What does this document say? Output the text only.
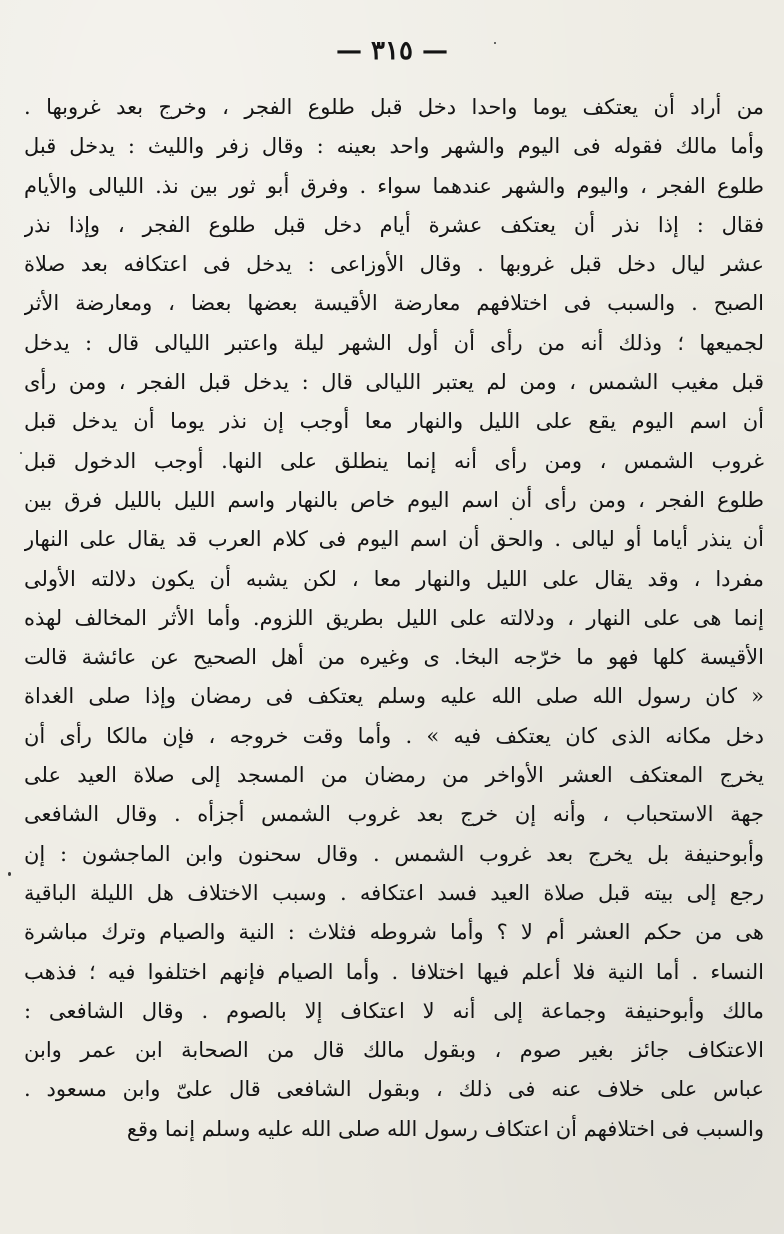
— ٣١٥ —
من أراد أن يعتكف يوما واحدا دخل قبل طلوع الفجر ، وخرج بعد غروبها .
وأما مالك فقوله فى اليوم والشهر واحد بعينه : وقال زفر والليث : يدخل قبل
طلوع الفجر ، واليوم والشهر عندهما سواء . وفرق أبو ثور بين نذ. الليالى والأيام
فقال : إذا نذر أن يعتكف عشرة أيام دخل قبل طلوع الفجر ، وإذا نذر
عشر ليال دخل قبل غروبها . وقال الأوزاعى : يدخل فى اعتكافه بعد صلاة
الصبح . والسبب فى اختلافهم معارضة الأقيسة بعضها بعضا ، ومعارضة الأثر
لجميعها ؛ وذلك أنه من رأى أن أول الشهر ليلة واعتبر الليالى قال : يدخل
قبل مغيب الشمس ، ومن لم يعتبر الليالى قال : يدخل قبل الفجر ، ومن رأى
أن اسم اليوم يقع على الليل والنهار معا أوجب إن نذر يوما أن يدخل قبل
غروب الشمس ، ومن رأى أنه إنما ينطلق على النها. أوجب الدخول قبل
طلوع الفجر ، ومن رأى أن اسم اليوم خاص بالنهار واسم الليل بالليل فرق بين
أن ينذر أياما أو ليالى . والحق أن اسم اليوم فى كلام العرب قد يقال على النهار
مفردا ، وقد يقال على الليل والنهار معا ، لكن يشبه أن يكون دلالته الأولى
إنما هى على النهار ، ودلالته على الليل بطريق اللزوم. وأما الأثر المخالف لهذه
الأقيسة كلها فهو ما خرّجه البخا. ى وغيره من أهل الصحيح عن عائشة قالت
« كان رسول الله صلى الله عليه وسلم يعتكف فى رمضان وإذا صلى الغداة
دخل مكانه الذى كان يعتكف فيه » . وأما وقت خروجه ، فإن مالكا رأى أن
يخرج المعتكف العشر الأواخر من رمضان من المسجد إلى صلاة العيد على
جهة الاستحباب ، وأنه إن خرج بعد غروب الشمس أجزأه . وقال الشافعى
وأبوحنيفة بل يخرج بعد غروب الشمس . وقال سحنون وابن الماجشون : إن
رجع إلى بيته قبل صلاة العيد فسد اعتكافه . وسبب الاختلاف هل الليلة الباقية
هى من حكم العشر أم لا ؟ وأما شروطه فثلاث : النية والصيام وترك مباشرة
النساء . أما النية فلا أعلم فيها اختلافا . وأما الصيام فإنهم اختلفوا فيه ؛ فذهب
مالك وأبوحنيفة وجماعة إلى أنه لا اعتكاف إلا بالصوم . وقال الشافعى :
الاعتكاف جائز بغير صوم ، وبقول مالك قال من الصحابة ابن عمر وابن
عباس على خلاف عنه فى ذلك ، وبقول الشافعى قال علىّ وابن مسعود .
والسبب فى اختلافهم أن اعتكاف رسول الله صلى الله عليه وسلم إنما وقع
